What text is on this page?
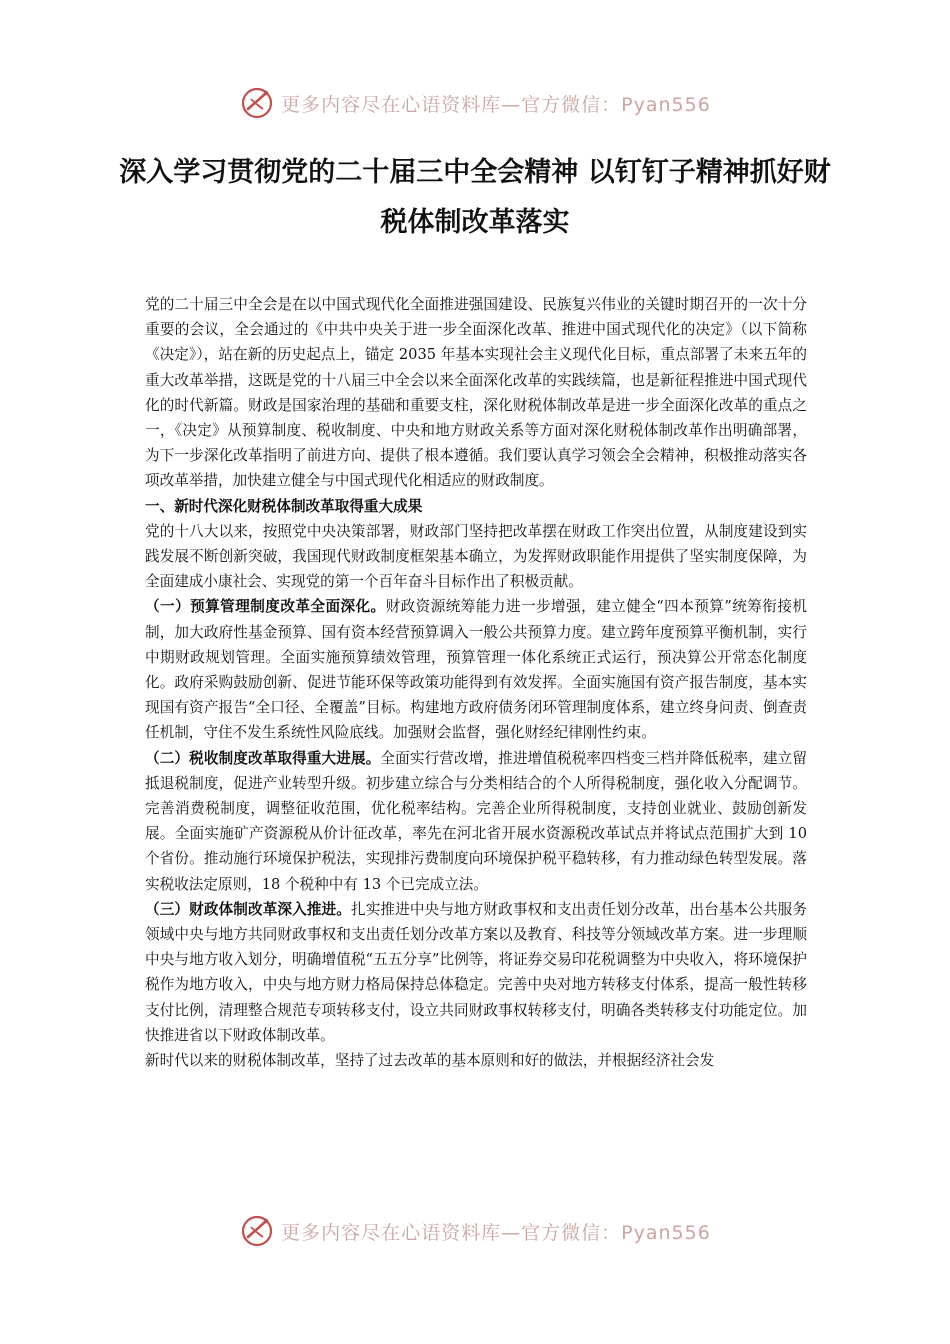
更多内容尽在心语资料库—官方微信：Pyan556
深入学习贯彻党的二十届三中全会精神 以钉钉子精神抓好财税体制改革落实

党的二十届三中全会是在以中国式现代化全面推进强国建设、民族复兴伟业的关键时期召开的一次十分重要的会议，全会通过的《中共中央关于进一步全面深化改革、推进中国式现代化的决定》（以下简称《决定》），站在新的历史起点上，锚定 2035 年基本实现社会主义现代化目标，重点部署了未来五年的重大改革举措，这既是党的十八届三中全会以来全面深化改革的实践续篇，也是新征程推进中国式现代化的时代新篇。财政是国家治理的基础和重要支柱，深化财税体制改革是进一步全面深化改革的重点之一，《决定》从预算制度、税收制度、中央和地方财政关系等方面对深化财税体制改革作出明确部署，为下一步深化改革指明了前进方向、提供了根本遵循。我们要认真学习领会全会精神，积极推动落实各项改革举措，加快建立健全与中国式现代化相适应的财政制度。

一、新时代深化财税体制改革取得重大成果

党的十八大以来，按照党中央决策部署，财政部门坚持把改革摆在财政工作突出位置，从制度建设到实践发展不断创新突破，我国现代财政制度框架基本确立，为发挥财政职能作用提供了坚实制度保障，为全面建成小康社会、实现党的第一个百年奋斗目标作出了积极贡献。

（一）预算管理制度改革全面深化。财政资源统筹能力进一步增强，建立健全“四本预算”统筹衔接机制，加大政府性基金预算、国有资本经营预算调入一般公共预算力度。建立跨年度预算平衡机制，实行中期财政规划管理。全面实施预算绩效管理，预算管理一体化系统正式运行，预决算公开常态化制度化。政府采购鼓励创新、促进节能环保等政策功能得到有效发挥。全面实施国有资产报告制度，基本实现国有资产报告“全口径、全覆盖”目标。构建地方政府债务闭环管理制度体系，建立终身问责、倒查责任机制，守住不发生系统性风险底线。加强财会监督，强化财经纪律刚性约束。

（二）税收制度改革取得重大进展。全面实行营改增，推进增值税税率四档变三档并降低税率，建立留抵退税制度，促进产业转型升级。初步建立综合与分类相结合的个人所得税制度，强化收入分配调节。完善消费税制度，调整征收范围，优化税率结构。完善企业所得税制度，支持创业就业、鼓励创新发展。全面实施矿产资源税从价计征改革，率先在河北省开展水资源税改革试点并将试点范围扩大到 10 个省份。推动施行环境保护税法，实现排污费制度向环境保护税平稳转移，有力推动绿色转型发展。落实税收法定原则，18 个税种中有 13 个已完成立法。

（三）财政体制改革深入推进。扎实推进中央与地方财政事权和支出责任划分改革，出台基本公共服务领域中央与地方共同财政事权和支出责任划分改革方案以及教育、科技等分领域改革方案。进一步理顺中央与地方收入划分，明确增值税“五五分享”比例等，将证券交易印花税调整为中央收入，将环境保护税作为地方收入，中央与地方财力格局保持总体稳定。完善中央对地方转移支付体系，提高一般性转移支付比例，清理整合规范专项转移支付，设立共同财政事权转移支付，明确各类转移支付功能定位。加快推进省以下财政体制改革。

新时代以来的财税体制改革，坚持了过去改革的基本原则和好的做法，并根据经济社会发

更多内容尽在心语资料库—官方微信：Pyan556
